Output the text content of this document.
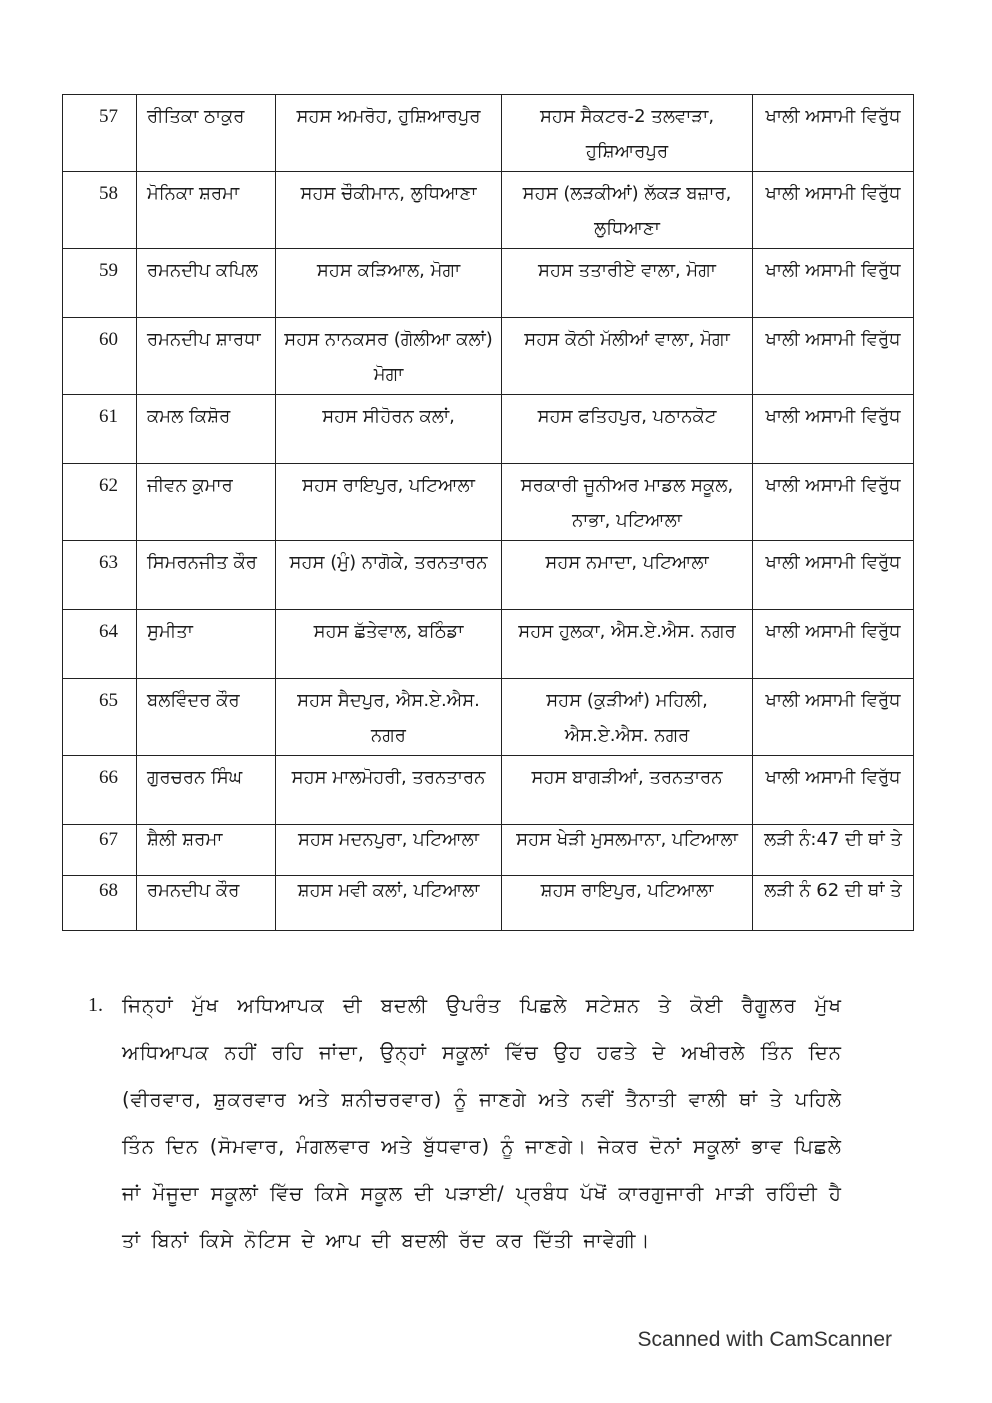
57	ਰੀਤਿਕਾ ਠਾਕੁਰ	ਸਹਸ ਅਮਰੋਹ, ਹੁਸ਼ਿਆਰਪੁਰ	ਸਹਸ ਸੈਕਟਰ-2 ਤਲਵਾੜਾ, ਹੁਸ਼ਿਆਰਪੁਰ	ਖਾਲੀ ਅਸਾਮੀ ਵਿਰੁੱਧ
58	ਮੋਨਿਕਾ ਸ਼ਰਮਾ	ਸਹਸ ਚੌਕੀਮਾਨ, ਲੁਧਿਆਣਾ	ਸਹਸ (ਲੜਕੀਆਂ) ਲੱਕੜ ਬਜ਼ਾਰ, ਲੁਧਿਆਣਾ	ਖਾਲੀ ਅਸਾਮੀ ਵਿਰੁੱਧ
59	ਰਮਨਦੀਪ ਕਪਿਲ	ਸਹਸ ਕੜਿਆਲ, ਮੋਗਾ	ਸਹਸ ਤਤਾਰੀਏ ਵਾਲਾ, ਮੋਗਾ	ਖਾਲੀ ਅਸਾਮੀ ਵਿਰੁੱਧ
60	ਰਮਨਦੀਪ ਸ਼ਾਰਧਾ	ਸਹਸ ਨਾਨਕਸਰ (ਗੋਲੀਆ ਕਲਾਂ) ਮੋਗਾ	ਸਹਸ ਕੋਠੀ ਮੱਲੀਆਂ ਵਾਲਾ, ਮੋਗਾ	ਖਾਲੀ ਅਸਾਮੀ ਵਿਰੁੱਧ
61	ਕਮਲ ਕਿਸ਼ੋਰ	ਸਹਸ ਸੀਹੋਰਨ ਕਲਾਂ,	ਸਹਸ ਫਤਿਹਪੁਰ, ਪਠਾਨਕੋਟ	ਖਾਲੀ ਅਸਾਮੀ ਵਿਰੁੱਧ
62	ਜੀਵਨ ਕੁਮਾਰ	ਸਹਸ ਰਾਇਪੁਰ, ਪਟਿਆਲਾ	ਸਰਕਾਰੀ ਜੂਨੀਅਰ ਮਾਡਲ ਸਕੂਲ, ਨਾਭਾ, ਪਟਿਆਲਾ	ਖਾਲੀ ਅਸਾਮੀ ਵਿਰੁੱਧ
63	ਸਿਮਰਨਜੀਤ ਕੌਰ	ਸਹਸ (ਮੁੰ) ਨਾਗੋਕੇ, ਤਰਨਤਾਰਨ	ਸਹਸ ਨਮਾਦਾ, ਪਟਿਆਲਾ	ਖਾਲੀ ਅਸਾਮੀ ਵਿਰੁੱਧ
64	ਸੁਮੀਤਾ	ਸਹਸ ਛੱਤੇਵਾਲ, ਬਠਿੰਡਾ	ਸਹਸ ਹੁਲਕਾ, ਐਸ.ਏ.ਐਸ. ਨਗਰ	ਖਾਲੀ ਅਸਾਮੀ ਵਿਰੁੱਧ
65	ਬਲਵਿੰਦਰ ਕੌਰ	ਸਹਸ ਸੈਦਪੁਰ, ਐਸ.ਏ.ਐਸ. ਨਗਰ	ਸਹਸ (ਕੁੜੀਆਂ) ਮਹਿਲੀ, ਐਸ.ਏ.ਐਸ. ਨਗਰ	ਖਾਲੀ ਅਸਾਮੀ ਵਿਰੁੱਧ
66	ਗੁਰਚਰਨ ਸਿੰਘ	ਸਹਸ ਮਾਲਮੋਹਰੀ, ਤਰਨਤਾਰਨ	ਸਹਸ ਬਾਗੜੀਆਂ, ਤਰਨਤਾਰਨ	ਖਾਲੀ ਅਸਾਮੀ ਵਿਰੁੱਧ
67	ਸ਼ੈਲੀ ਸ਼ਰਮਾ	ਸਹਸ ਮਦਨਪੁਰਾ, ਪਟਿਆਲਾ	ਸਹਸ ਖੇੜੀ ਮੁਸਲਮਾਨਾ, ਪਟਿਆਲਾ	ਲੜੀ ਨੰ:47 ਦੀ ਥਾਂ ਤੇ
68	ਰਮਨਦੀਪ ਕੌਰ	ਸ਼ਹਸ ਮਵੀ ਕਲਾਂ, ਪਟਿਆਲਾ	ਸ਼ਹਸ ਰਾਇਪੁਰ, ਪਟਿਆਲਾ	ਲੜੀ ਨੰ 62 ਦੀ ਥਾਂ ਤੇ
1. ਜਿਨ੍ਹਾਂ ਮੁੱਖ ਅਧਿਆਪਕ ਦੀ ਬਦਲੀ ਉਪਰੰਤ ਪਿਛਲੇ ਸਟੇਸ਼ਨ ਤੇ ਕੋਈ ਰੈਗੂਲਰ ਮੁੱਖ ਅਧਿਆਪਕ ਨਹੀਂ ਰਹਿ ਜਾਂਦਾ, ਉਨ੍ਹਾਂ ਸਕੂਲਾਂ ਵਿੱਚ ਉਹ ਹਫਤੇ ਦੇ ਅਖੀਰਲੇ ਤਿੰਨ ਦਿਨ (ਵੀਰਵਾਰ, ਸ਼ੁਕਰਵਾਰ ਅਤੇ ਸ਼ਨੀਚਰਵਾਰ) ਨੂੰ ਜਾਣਗੇ ਅਤੇ ਨਵੀਂ ਤੈਨਾਤੀ ਵਾਲੀ ਥਾਂ ਤੇ ਪਹਿਲੇ ਤਿੰਨ ਦਿਨ (ਸੋਮਵਾਰ, ਮੰਗਲਵਾਰ ਅਤੇ ਬੁੱਧਵਾਰ) ਨੂੰ ਜਾਣਗੇ। ਜੇਕਰ ਦੋਨਾਂ ਸਕੂਲਾਂ ਭਾਵ ਪਿਛਲੇ ਜਾਂ ਮੌਜੂਦਾ ਸਕੂਲਾਂ ਵਿੱਚ ਕਿਸੇ ਸਕੂਲ ਦੀ ਪੜਾਈ/ ਪ੍ਰਬੰਧ ਪੱਖੋਂ ਕਾਰਗੁਜਾਰੀ ਮਾੜੀ ਰਹਿੰਦੀ ਹੈ ਤਾਂ ਬਿਨਾਂ ਕਿਸੇ ਨੋਟਿਸ ਦੇ ਆਪ ਦੀ ਬਦਲੀ ਰੱਦ ਕਰ ਦਿੱਤੀ ਜਾਵੇਗੀ।
Scanned with CamScanner
